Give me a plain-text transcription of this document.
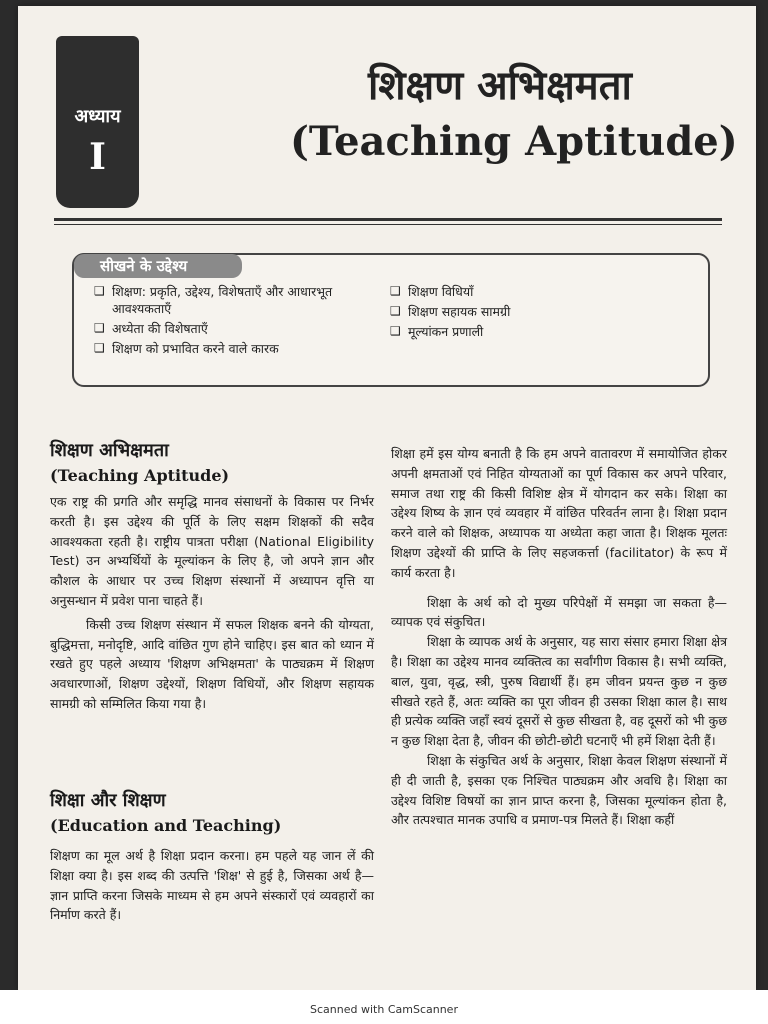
Scanned with CamScanner
अध्याय
I
शिक्षण अभिक्षमता
(Teaching Aptitude)
सीखने के उद्देश्य
❑ शिक्षण: प्रकृति, उद्देश्य, विशेषताएँ और आधारभूत आवश्यकताएँ
❑ अध्येता की विशेषताएँ
❑ शिक्षण को प्रभावित करने वाले कारक
❑ शिक्षण विधियाँ
❑ शिक्षण सहायक सामग्री
❑ मूल्यांकन प्रणाली
शिक्षण अभिक्षमता
(Teaching Aptitude)

एक राष्ट्र की प्रगति और समृद्धि मानव संसाधनों के विकास पर निर्भर करती है। इस उद्देश्य की पूर्ति के लिए सक्षम शिक्षकों की सदैव आवश्यकता रहती है। राष्ट्रीय पात्रता परीक्षा (National Eligibility Test) उन अभ्यर्थियों के मूल्यांकन के लिए है, जो अपने ज्ञान और कौशल के आधार पर उच्च शिक्षण संस्थानों में अध्यापन वृत्ति या अनुसन्धान में प्रवेश पाना चाहते हैं।

किसी उच्च शिक्षण संस्थान में सफल शिक्षक बनने की योग्यता, बुद्धिमत्ता, मनोदृष्टि, आदि वांछित गुण होने चाहिए। इस बात को ध्यान में रखते हुए पहले अध्याय 'शिक्षण अभिक्षमता' के पाठ्यक्रम में शिक्षण अवधारणाओं, शिक्षण उद्देश्यों, शिक्षण विधियों, और शिक्षण सहायक सामग्री को सम्मिलित किया गया है।

शिक्षा और शिक्षण
(Education and Teaching)

शिक्षण का मूल अर्थ है शिक्षा प्रदान करना। हम पहले यह जान लें की शिक्षा क्या है। इस शब्द की उत्पत्ति 'शिक्ष' से हुई है, जिसका अर्थ है—ज्ञान प्राप्ति करना जिसके माध्यम से हम अपने संस्कारों एवं व्यवहारों का निर्माण करते हैं।

शिक्षा हमें इस योग्य बनाती है कि हम अपने वातावरण में समायोजित होकर अपनी क्षमताओं एवं निहित योग्यताओं का पूर्ण विकास कर अपने परिवार, समाज तथा राष्ट्र की किसी विशिष्ट क्षेत्र में योगदान कर सके। शिक्षा का उद्देश्य शिष्य के ज्ञान एवं व्यवहार में वांछित परिवर्तन लाना है। शिक्षा प्रदान करने वाले को शिक्षक, अध्यापक या अध्येता कहा जाता है। शिक्षक मूलतः शिक्षण उद्देश्यों की प्राप्ति के लिए सहजकर्त्ता (facilitator) के रूप में कार्य करता है।

शिक्षा के अर्थ को दो मुख्य परिपेक्षों में समझा जा सकता है—व्यापक एवं संकुचित।

शिक्षा के व्यापक अर्थ के अनुसार, यह सारा संसार हमारा शिक्षा क्षेत्र है। शिक्षा का उद्देश्य मानव व्यक्तित्व का सर्वांगीण विकास है। सभी व्यक्ति, बाल, युवा, वृद्ध, स्त्री, पुरुष विद्यार्थी हैं। हम जीवन प्रयन्त कुछ न कुछ सीखते रहते हैं, अतः व्यक्ति का पूरा जीवन ही उसका शिक्षा काल है। साथ ही प्रत्येक व्यक्ति जहाँ स्वयं दूसरों से कुछ सीखता है, वह दूसरों को भी कुछ न कुछ शिक्षा देता है, जीवन की छोटी-छोटी घटनाएँ भी हमें शिक्षा देती हैं।

शिक्षा के संकुचित अर्थ के अनुसार, शिक्षा केवल शिक्षण संस्थानों में ही दी जाती है, इसका एक निश्चित पाठ्यक्रम और अवधि है। शिक्षा का उद्देश्य विशिष्ट विषयों का ज्ञान प्राप्त करना है, जिसका मूल्यांकन होता है, और तत्पश्चात मानक उपाधि व प्रमाण-पत्र मिलते हैं। शिक्षा कहीं
